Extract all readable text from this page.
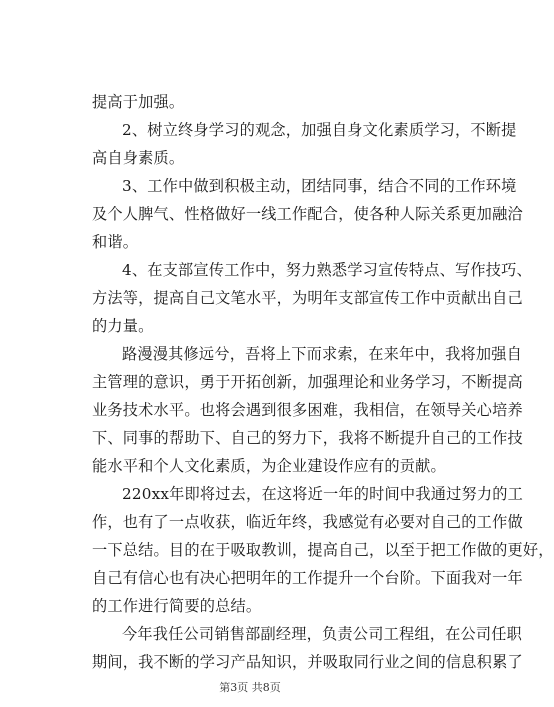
提高于加强。

2、树立终身学习的观念，加强自身文化素质学习，不断提
高自身素质。

3、工作中做到积极主动，团结同事，结合不同的工作环境
及个人脾气、性格做好一线工作配合，使各种人际关系更加融洽
和谐。

4、在支部宣传工作中，努力熟悉学习宣传特点、写作技巧、
方法等，提高自己文笔水平，为明年支部宣传工作中贡献出自己
的力量。

路漫漫其修远兮，吾将上下而求索，在来年中，我将加强自
主管理的意识，勇于开拓创新，加强理论和业务学习，不断提高
业务技术水平。也将会遇到很多困难，我相信，在领导关心培养
下、同事的帮助下、自己的努力下，我将不断提升自己的工作技
能水平和个人文化素质，为企业建设作应有的贡献。

220xx年即将过去，在这将近一年的时间中我通过努力的工
作，也有了一点收获，临近年终，我感觉有必要对自己的工作做
一下总结。目的在于吸取教训，提高自己，以至于把工作做的更好，
自己有信心也有决心把明年的工作提升一个台阶。下面我对一年
的工作进行简要的总结。

今年我任公司销售部副经理，负责公司工程组，在公司任职
期间，我不断的学习产品知识，并吸取同行业之间的信息积累了

第3页 共8页
